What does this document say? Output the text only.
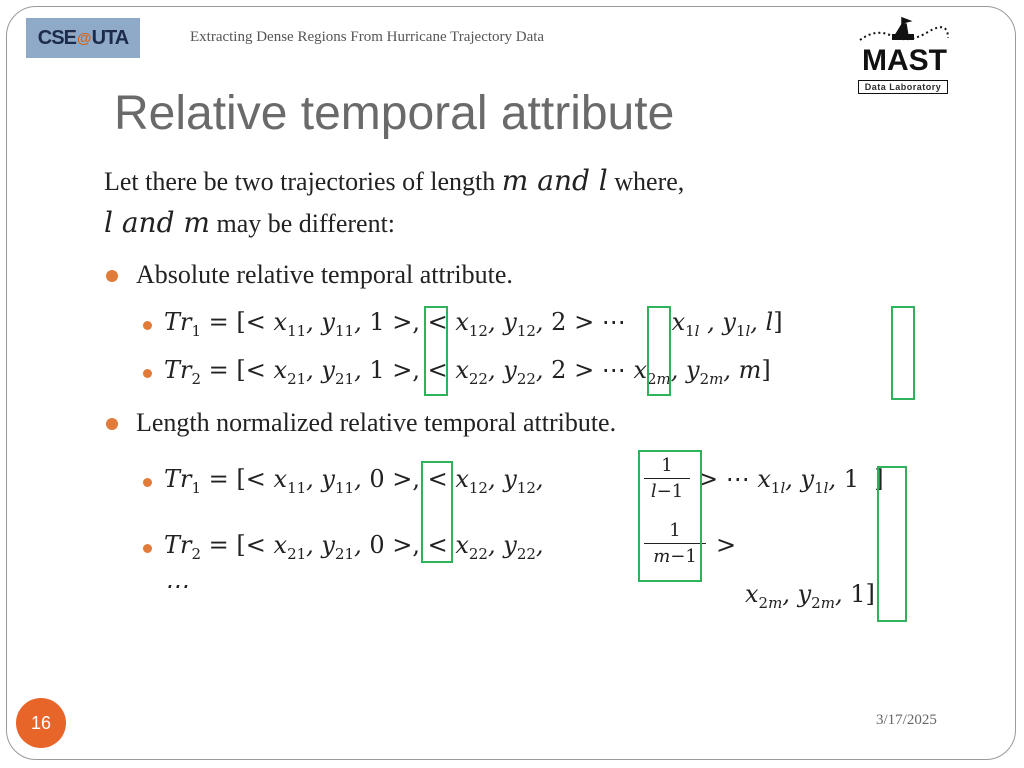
CSE @ UTA	Extracting Dense Regions From Hurricane Trajectory Data
MAST
Data Laboratory
Relative temporal attribute
Let there be two trajectories of length m and l where,
l and m may be different:
Absolute relative temporal attribute.
$Tr_1$ = [< $x_{11}$, $y_{11}$, 1 >, < $x_{12}$, $y_{12}$, 2 > ⋯      $x_{1l}$ , $y_{1l}$, l]
$Tr_2$ = [< $x_{21}$, $y_{21}$, 1 >, < $x_{22}$, $y_{22}$, 2 > ⋯ $x_{2m}$, $y_{2m}$, m]
Length normalized relative temporal attribute.
$Tr_1$ = [< $x_{11}$, $y_{11}$, 0 >, < $x_{12}$, $y_{12}$,	1
l−1 > ⋯ $x_{1l}$, $y_{1l}$, 1  ]
$Tr_2$ = [< $x_{21}$, $y_{21}$, 0 >, < $x_{22}$, $y_{22}$,
1
m−1 >
⋯	$x_{2m}$, $y_{2m}$, 1]
16	3/17/2025
